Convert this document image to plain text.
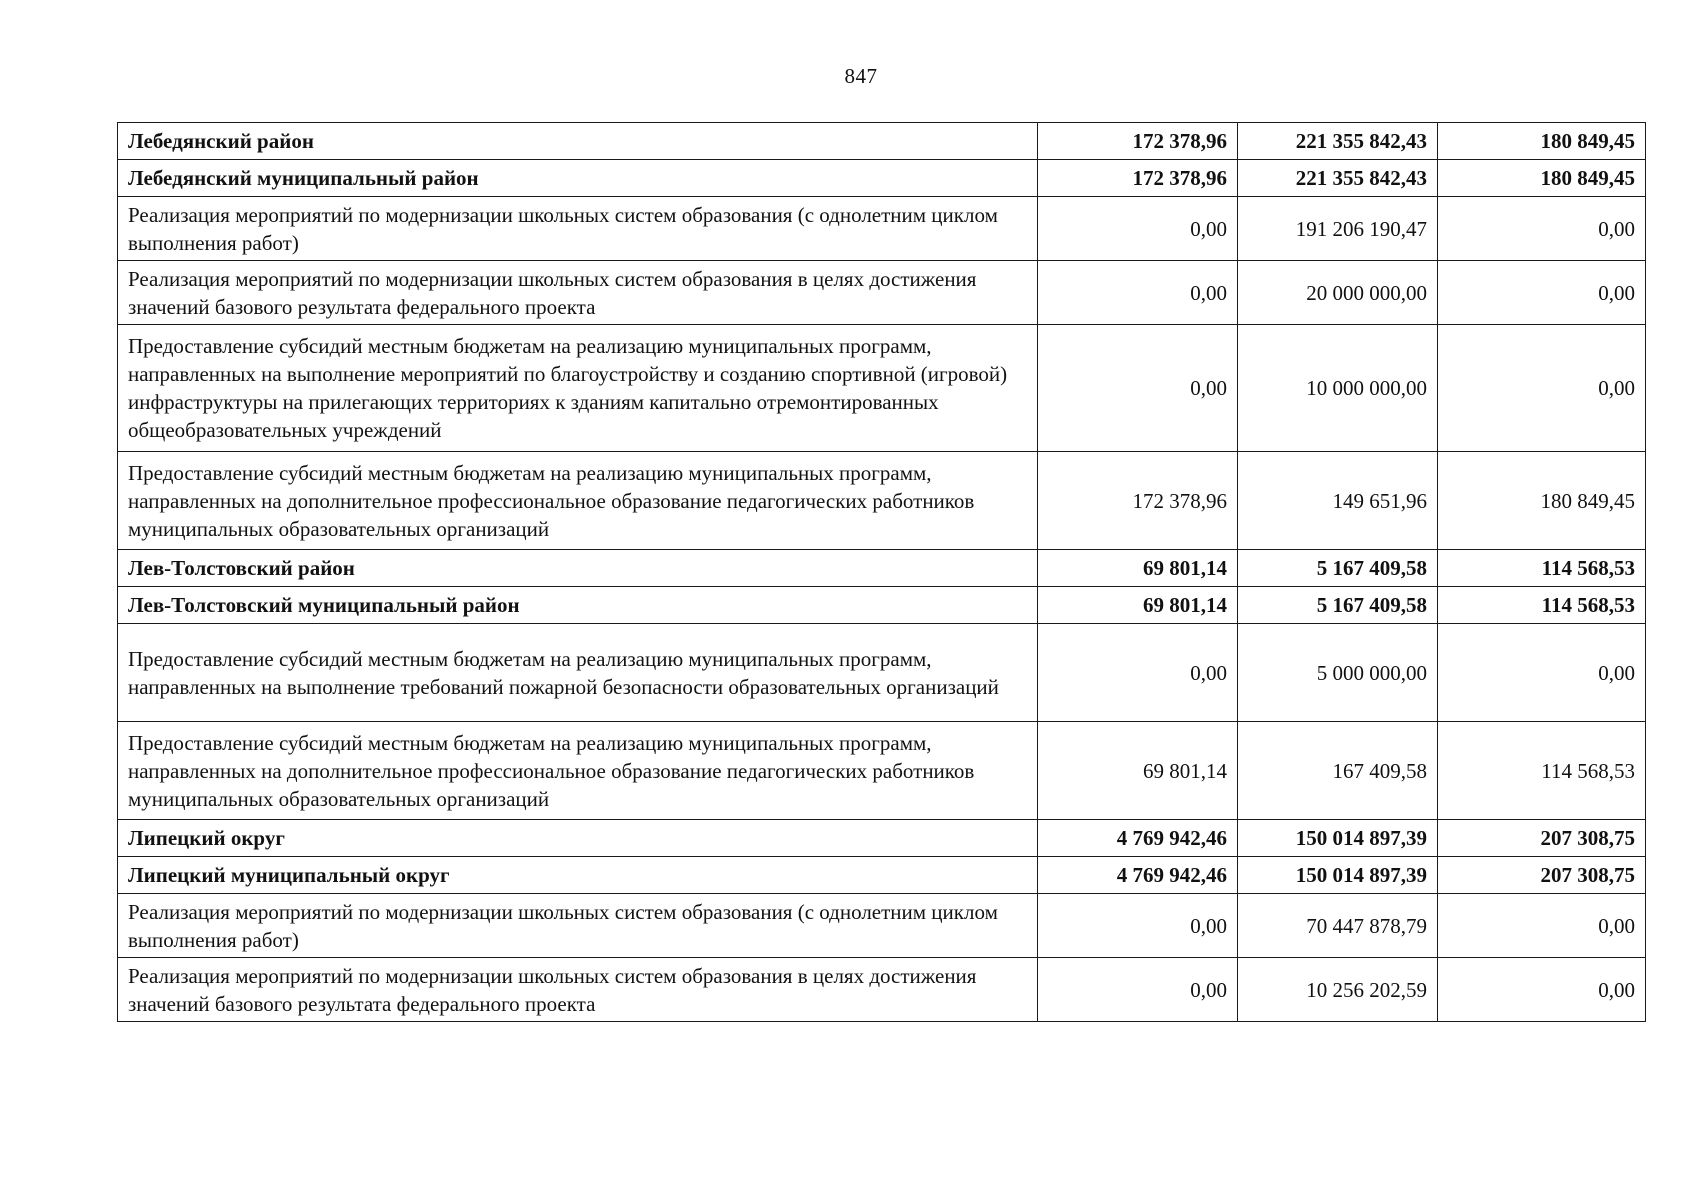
847
Лебедянский район	172 378,96	221 355 842,43	180 849,45
Лебедянский муниципальный район	172 378,96	221 355 842,43	180 849,45
Реализация мероприятий по модернизации школьных систем образования (с однолетним циклом выполнения работ)	0,00	191 206 190,47	0,00
Реализация мероприятий по модернизации школьных систем образования в целях достижения значений базового результата федерального проекта	0,00	20 000 000,00	0,00
Предоставление субсидий местным бюджетам на реализацию муниципальных программ, направленных на выполнение мероприятий по благоустройству и созданию спортивной (игровой) инфраструктуры на прилегающих территориях к зданиям капитально отремонтированных общеобразовательных учреждений	0,00	10 000 000,00	0,00
Предоставление субсидий местным бюджетам на реализацию муниципальных программ, направленных на дополнительное профессиональное образование педагогических работников муниципальных образовательных организаций	172 378,96	149 651,96	180 849,45
Лев-Толстовский район	69 801,14	5 167 409,58	114 568,53
Лев-Толстовский муниципальный район	69 801,14	5 167 409,58	114 568,53
Предоставление субсидий местным бюджетам на реализацию муниципальных программ, направленных на выполнение требований пожарной безопасности образовательных организаций	0,00	5 000 000,00	0,00
Предоставление субсидий местным бюджетам на реализацию муниципальных программ, направленных на дополнительное профессиональное образование педагогических работников муниципальных образовательных организаций	69 801,14	167 409,58	114 568,53
Липецкий округ	4 769 942,46	150 014 897,39	207 308,75
Липецкий муниципальный округ	4 769 942,46	150 014 897,39	207 308,75
Реализация мероприятий по модернизации школьных систем образования (с однолетним циклом выполнения работ)	0,00	70 447 878,79	0,00
Реализация мероприятий по модернизации школьных систем образования в целях достижения значений базового результата федерального проекта	0,00	10 256 202,59	0,00
